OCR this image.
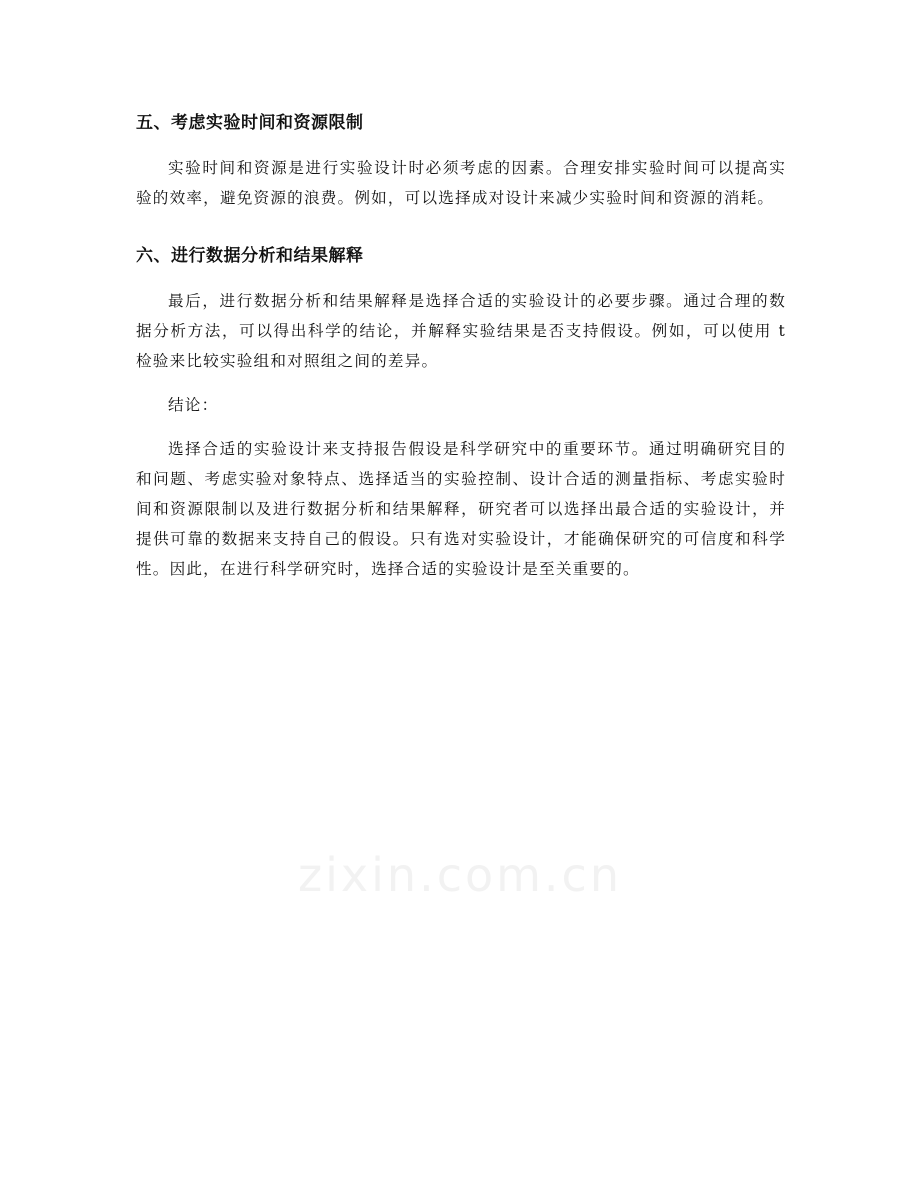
五、考虑实验时间和资源限制

实验时间和资源是进行实验设计时必须考虑的因素。合理安排实验时间可以提高实验的效率，避免资源的浪费。例如，可以选择成对设计来减少实验时间和资源的消耗。

六、进行数据分析和结果解释

最后，进行数据分析和结果解释是选择合适的实验设计的必要步骤。通过合理的数据分析方法，可以得出科学的结论，并解释实验结果是否支持假设。例如，可以使用 t 检验来比较实验组和对照组之间的差异。

结论：

选择合适的实验设计来支持报告假设是科学研究中的重要环节。通过明确研究目的和问题、考虑实验对象特点、选择适当的实验控制、设计合适的测量指标、考虑实验时间和资源限制以及进行数据分析和结果解释，研究者可以选择出最合适的实验设计，并提供可靠的数据来支持自己的假设。只有选对实验设计，才能确保研究的可信度和科学性。因此，在进行科学研究时，选择合适的实验设计是至关重要的。

zixin.com.cn
